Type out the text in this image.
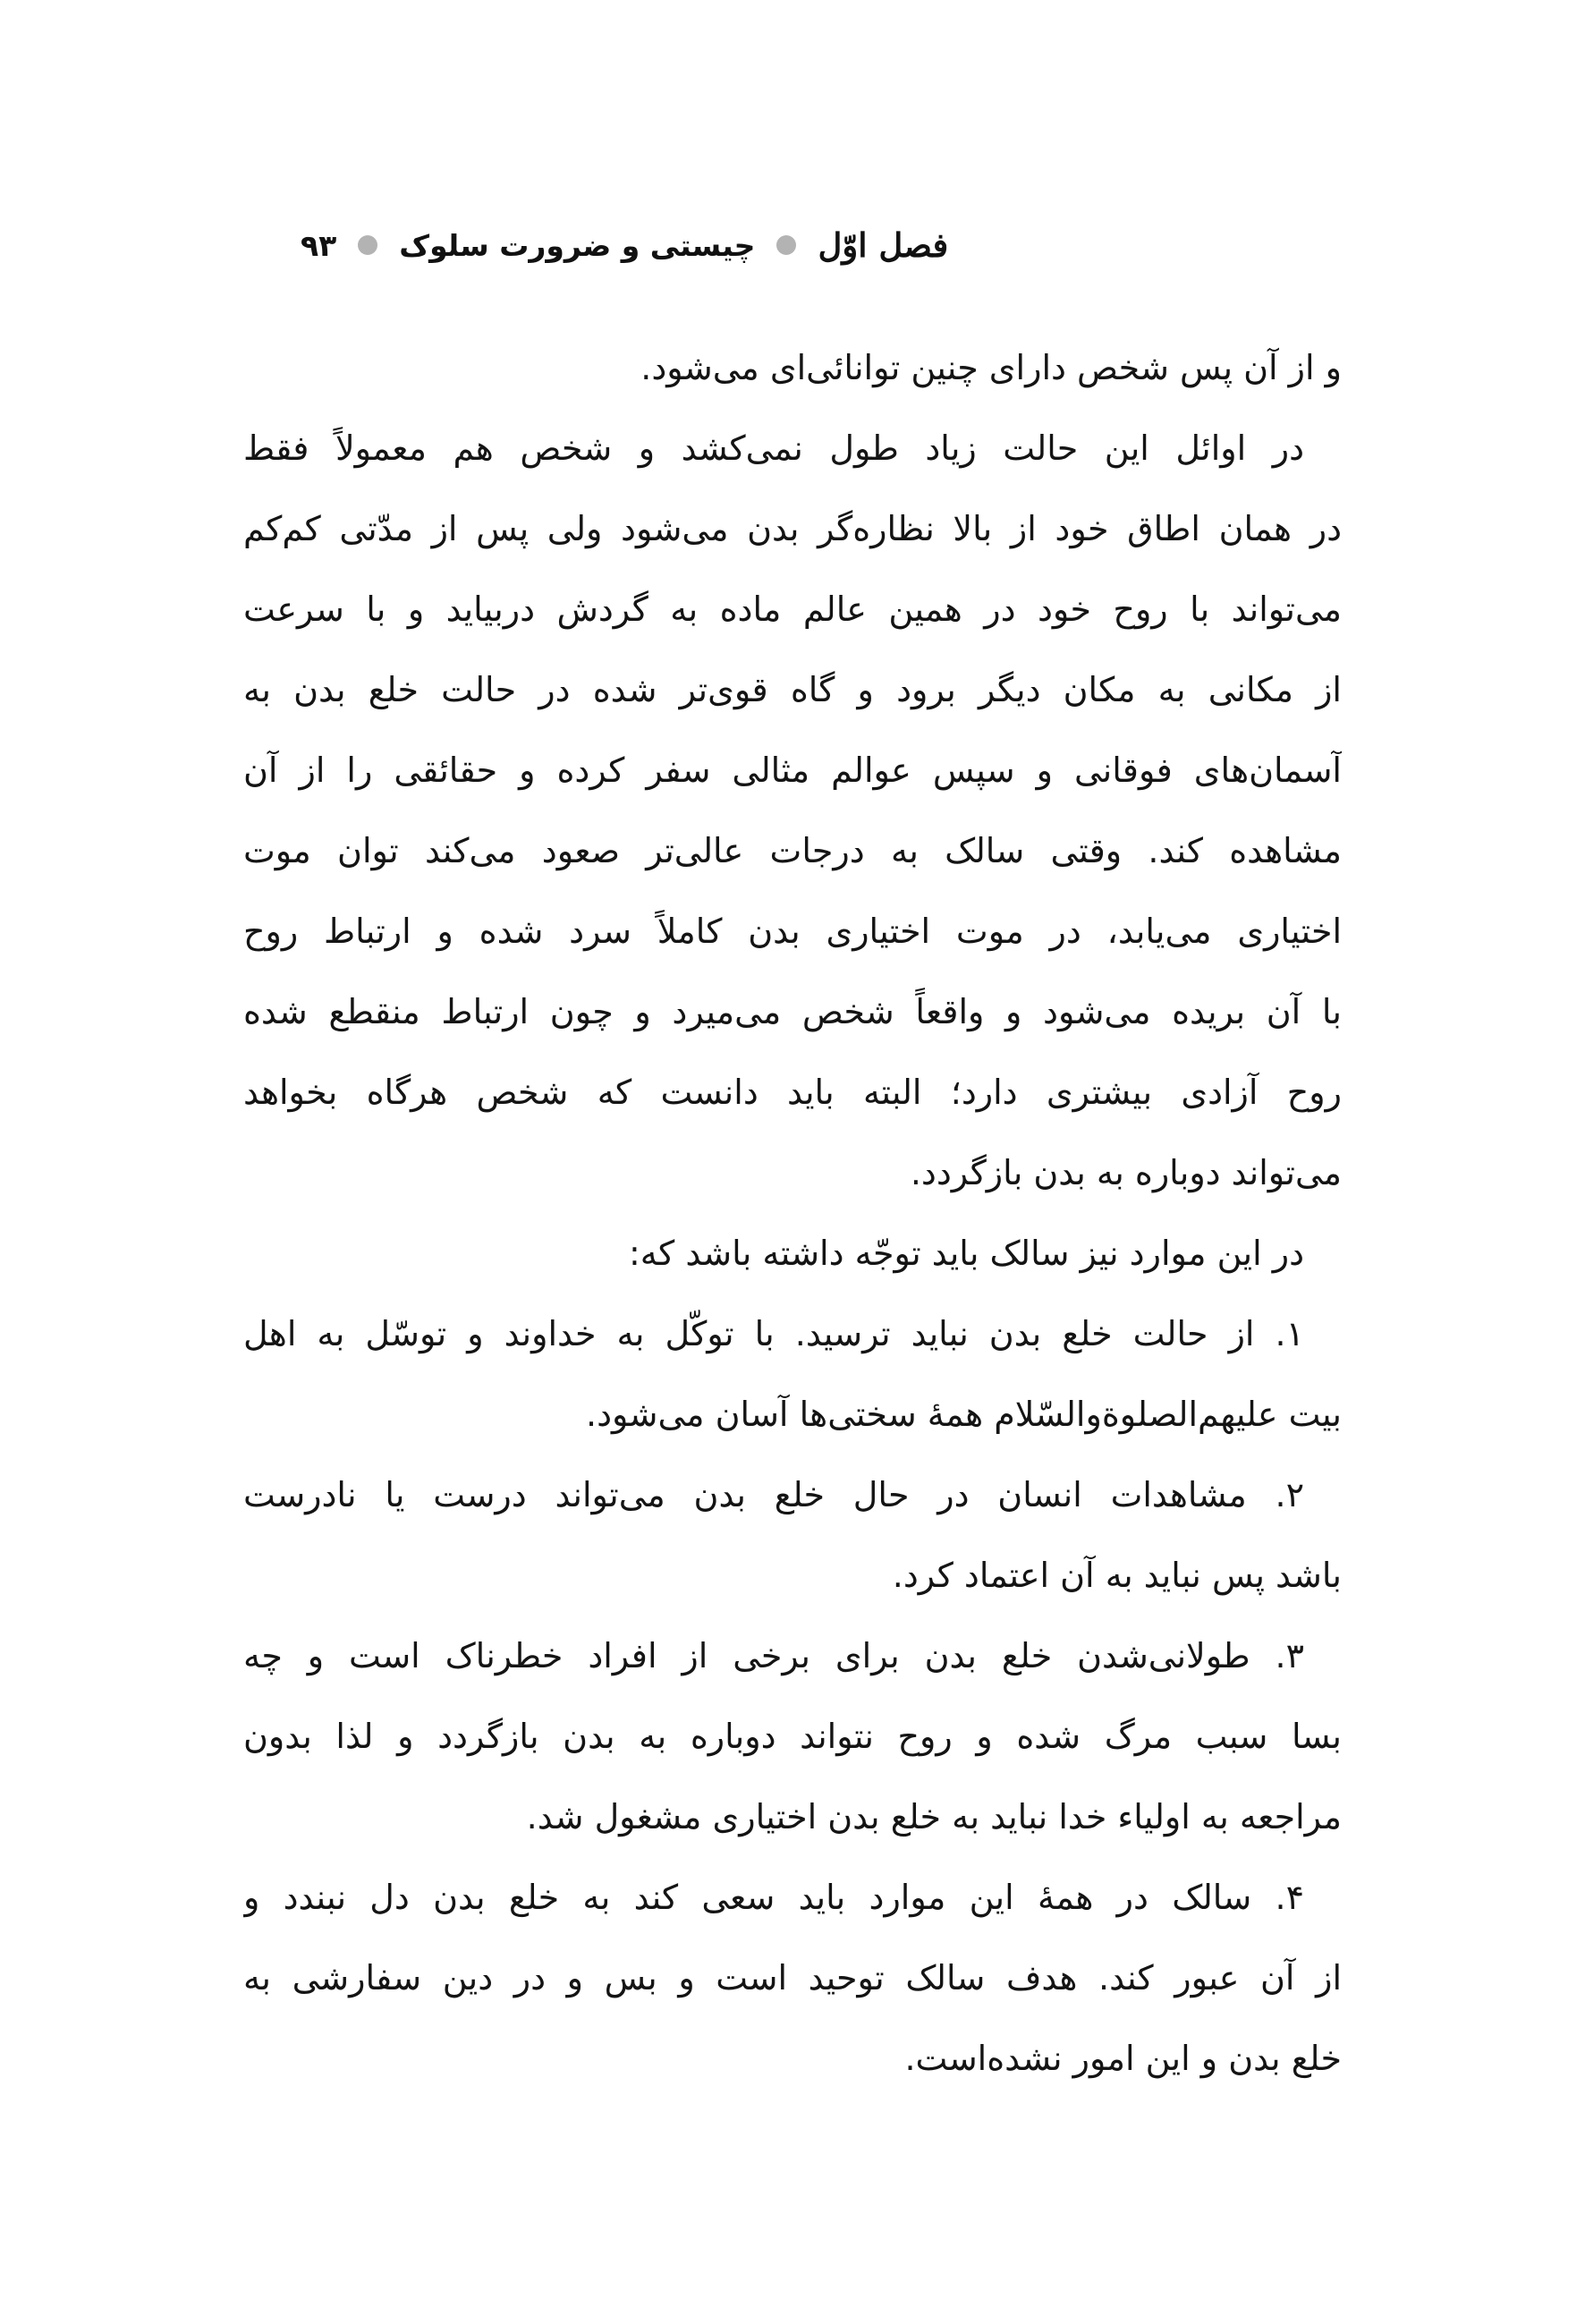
فصل اوّل
چیستی و ضرورت سلوک
۹۳
و از آن پس شخص دارای چنین توانائی‌ای می‌شود.
در اوائل این حالت زیاد طول نمی‌کشد و شخص هم معمولاً فقط
در همان اطاق خود از بالا نظاره‌گر بدن می‌شود ولی پس از مدّتی کم‌کم
می‌تواند با روح خود در همین عالم ماده به گردش دربیاید و با سرعت
از مکانی به مکان دیگر برود و گاه قوی‌تر شده در حالت خلع بدن به
آسمان‌های فوقانی و سپس عوالم مثالی سفر کرده و حقائقی را از آن
مشاهده کند. وقتی سالک به درجات عالی‌تر صعود می‌کند توان موت
اختیاری می‌یابد، در موت اختیاری بدن کاملاً سرد شده و ارتباط روح
با آن بریده می‌شود و واقعاً شخص می‌میرد و چون ارتباط منقطع شده
روح آزادی بیشتری دارد؛ البته باید دانست که شخص هرگاه بخواهد
می‌تواند دوباره به بدن بازگردد.
در این موارد نیز سالک باید توجّه داشته باشد که:
۱. از حالت خلع بدن نباید ترسید. با توکّل به خداوند و توسّل به اهل
بیت علیهم‌الصلوة‌والسّلام همهٔ سختی‌ها آسان می‌شود.
۲. مشاهدات انسان در حال خلع بدن می‌تواند درست یا نادرست
باشد پس نباید به آن اعتماد کرد.
۳. طولانی‌شدن خلع بدن برای برخی از افراد خطرناک است و چه
بسا سبب مرگ شده و روح نتواند دوباره به بدن بازگردد و لذا بدون
مراجعه به اولیاء خدا نباید به خلع بدن اختیاری مشغول شد.
۴. سالک در همهٔ این موارد باید سعی کند به خلع بدن دل نبندد و
از آن عبور کند. هدف سالک توحید است و بس و در دین سفارشی به
خلع بدن و این امور نشده‌است.
